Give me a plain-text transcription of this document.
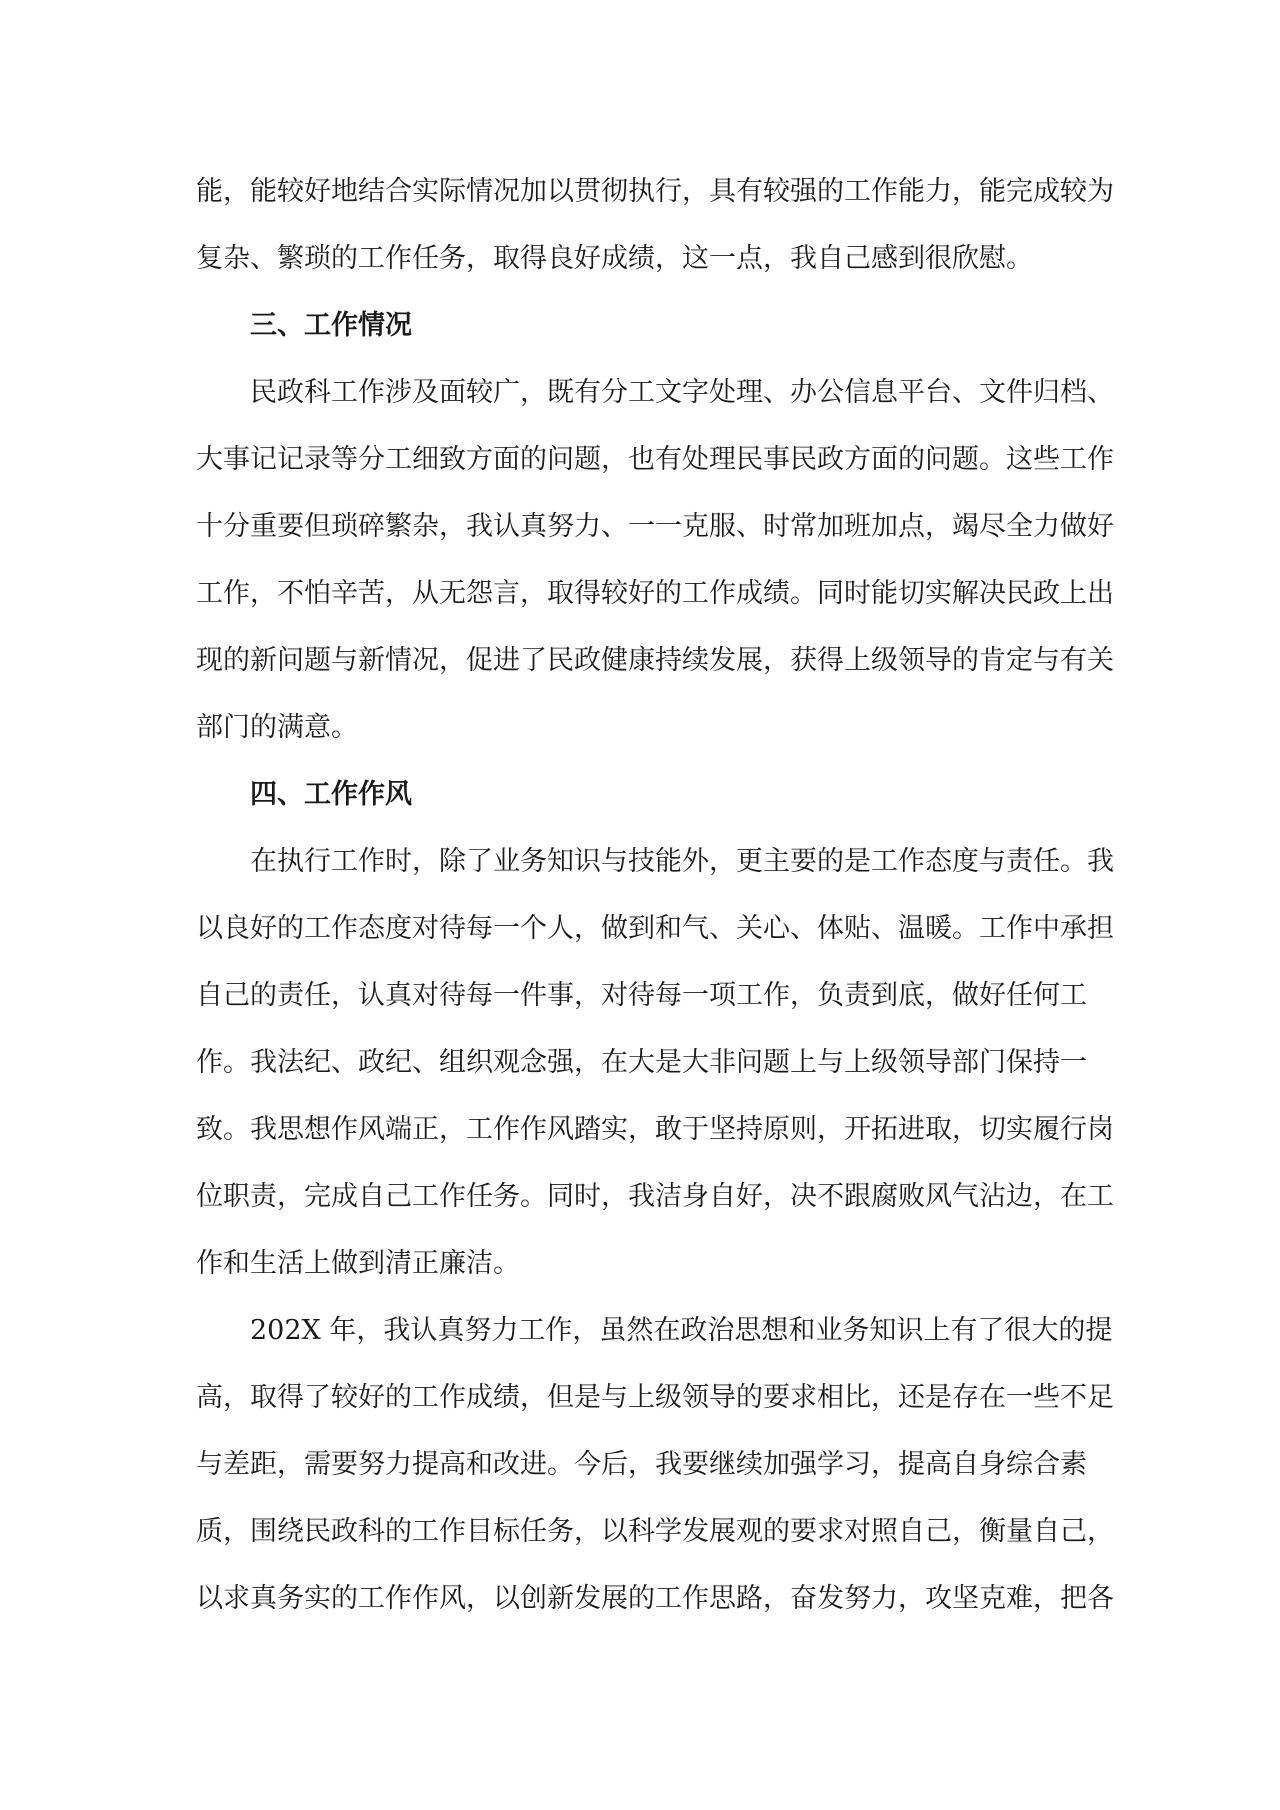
能，能较好地结合实际情况加以贯彻执行，具有较强的工作能力，能完成较为
复杂、繁琐的工作任务，取得良好成绩，这一点，我自己感到很欣慰。
三、工作情况
民政科工作涉及面较广，既有分工文字处理、办公信息平台、文件归档、
大事记记录等分工细致方面的问题，也有处理民事民政方面的问题。这些工作
十分重要但琐碎繁杂，我认真努力、一一克服、时常加班加点，竭尽全力做好
工作，不怕辛苦，从无怨言，取得较好的工作成绩。同时能切实解决民政上出
现的新问题与新情况，促进了民政健康持续发展，获得上级领导的肯定与有关
部门的满意。
四、工作作风
在执行工作时，除了业务知识与技能外，更主要的是工作态度与责任。我
以良好的工作态度对待每一个人，做到和气、关心、体贴、温暖。工作中承担
自己的责任，认真对待每一件事，对待每一项工作，负责到底，做好任何工
作。我法纪、政纪、组织观念强，在大是大非问题上与上级领导部门保持一
致。我思想作风端正，工作作风踏实，敢于坚持原则，开拓进取，切实履行岗
位职责，完成自己工作任务。同时，我洁身自好，决不跟腐败风气沾边，在工
作和生活上做到清正廉洁。
202X 年，我认真努力工作，虽然在政治思想和业务知识上有了很大的提
高，取得了较好的工作成绩，但是与上级领导的要求相比，还是存在一些不足
与差距，需要努力提高和改进。今后，我要继续加强学习，提高自身综合素
质，围绕民政科的工作目标任务，以科学发展观的要求对照自己，衡量自己，
以求真务实的工作作风，以创新发展的工作思路，奋发努力，攻坚克难，把各
